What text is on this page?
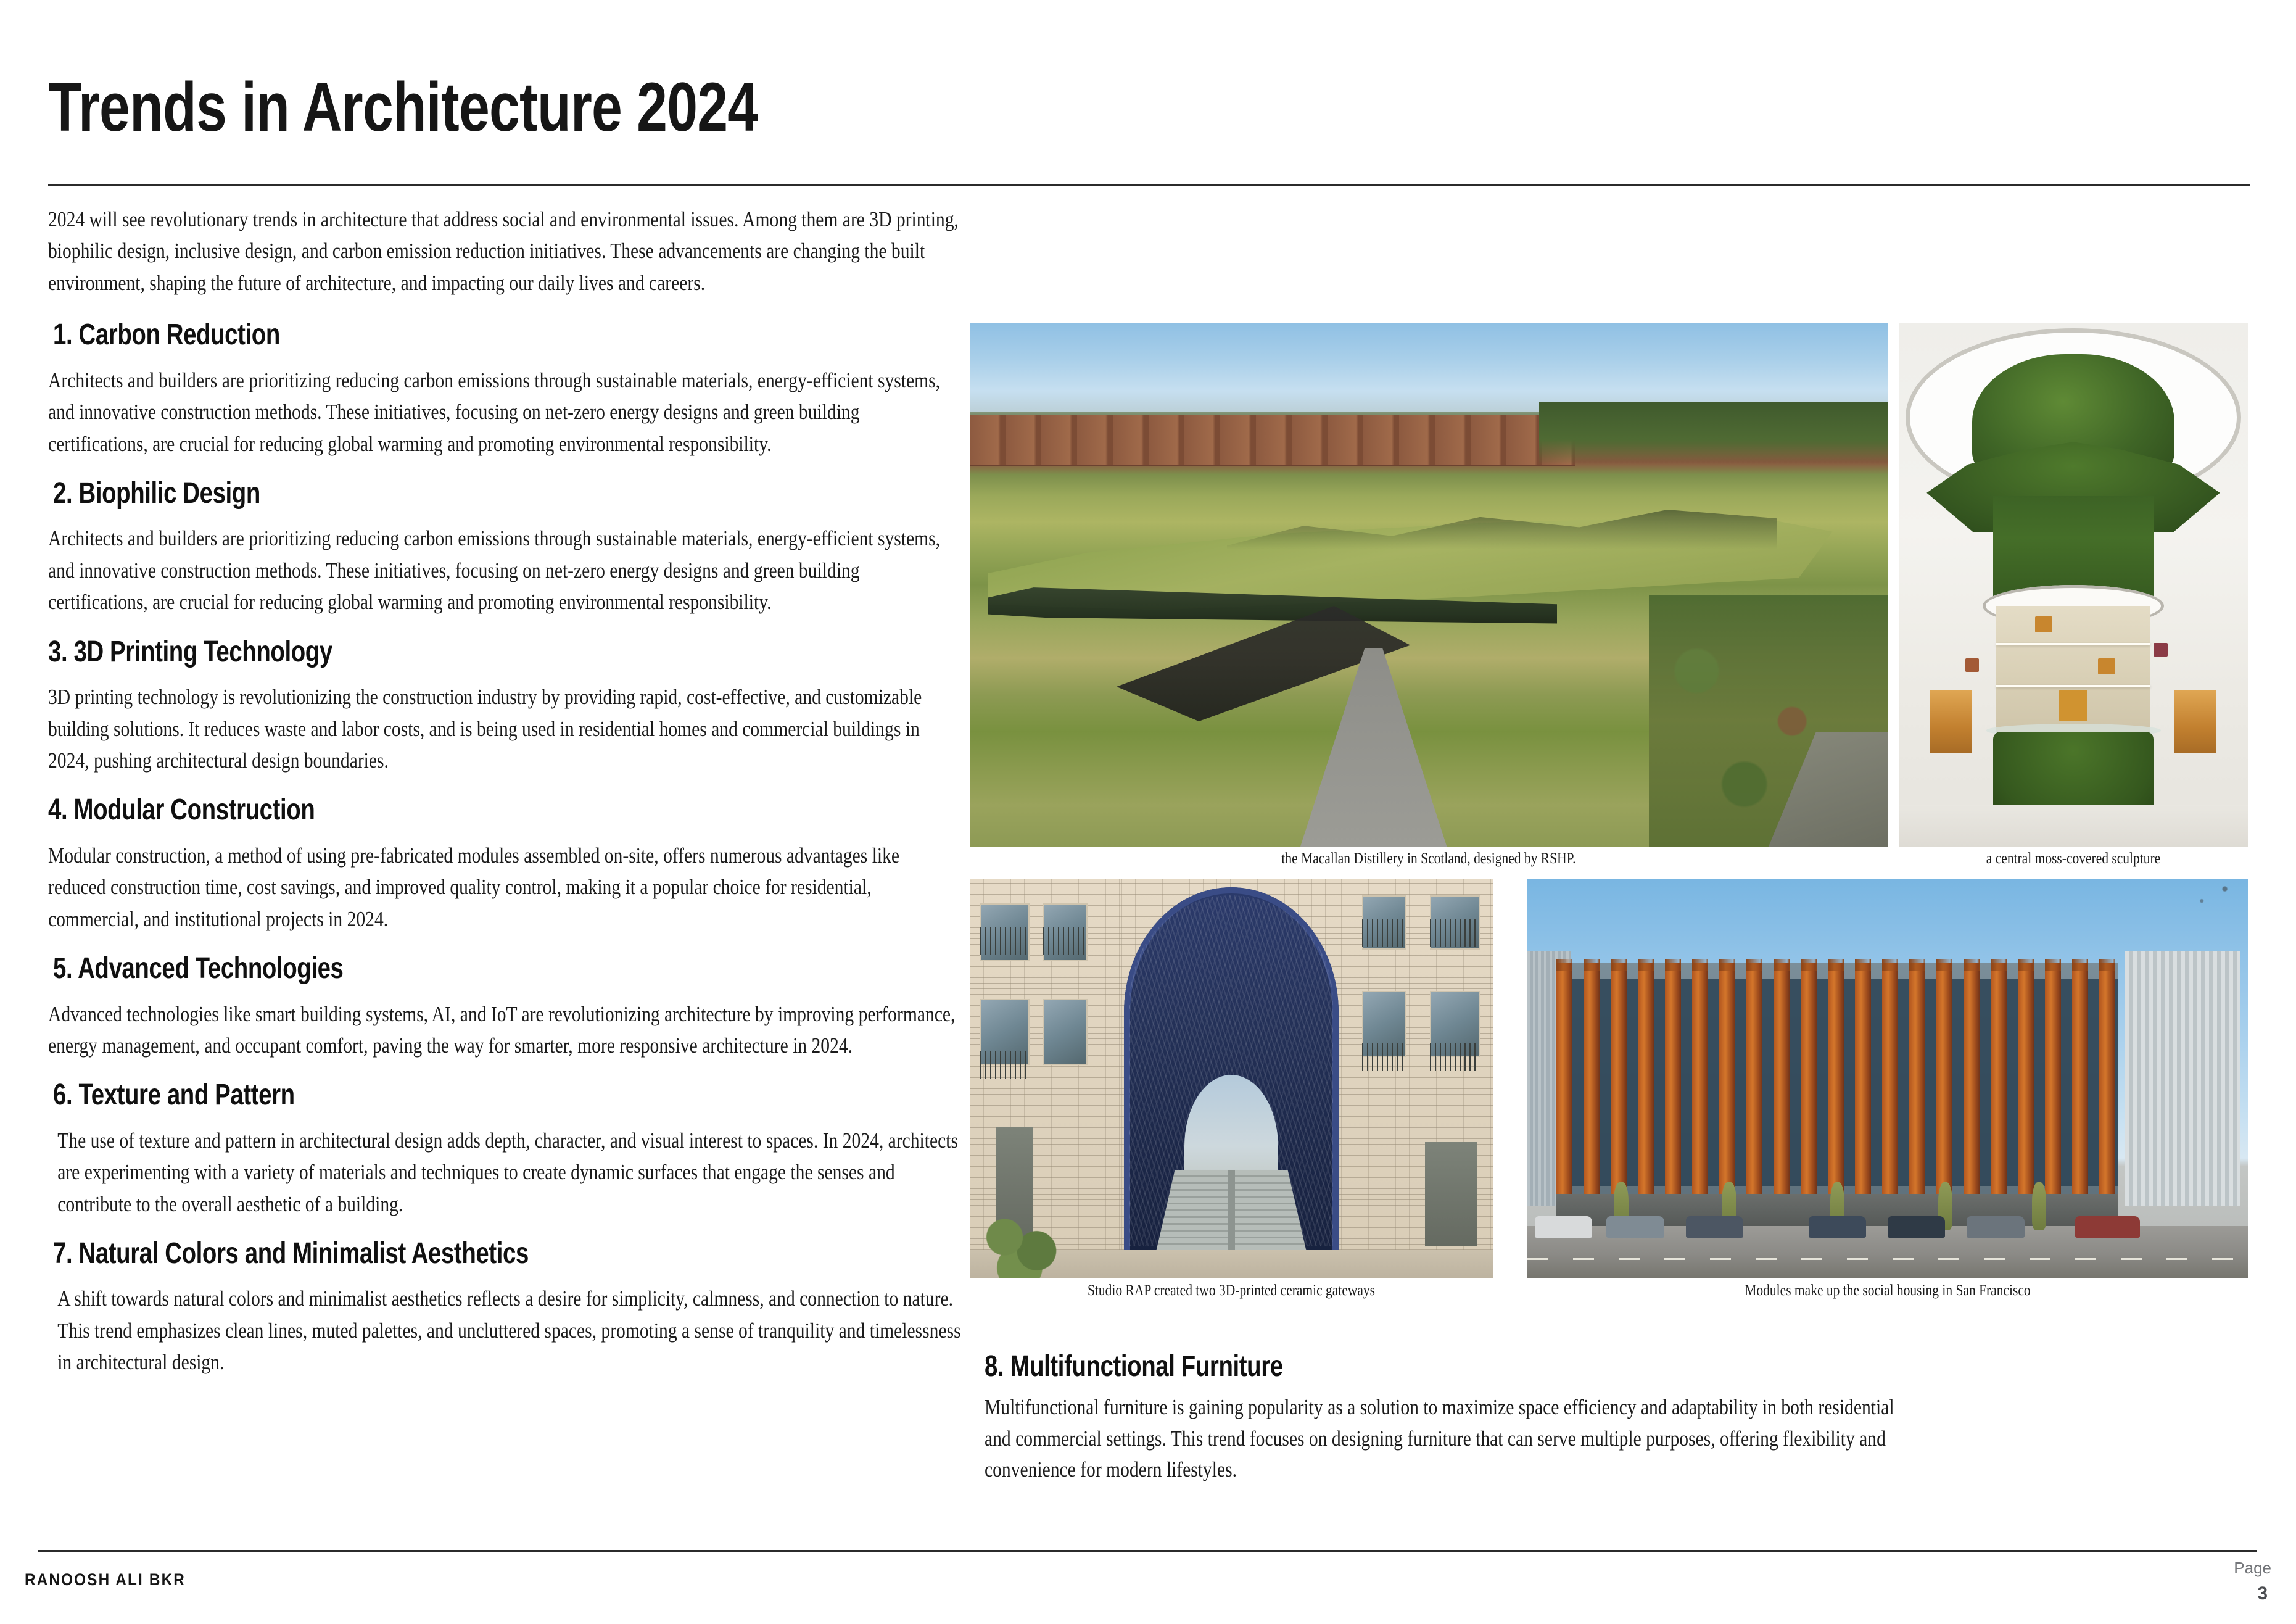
Trends in Architecture 2024

2024 will see revolutionary trends in architecture that address social and environmental issues. Among them are 3D printing, biophilic design, inclusive design, and carbon emission reduction initiatives. These advancements are changing the built environment, shaping the future of architecture, and impacting our daily lives and careers.

1. Carbon Reduction

Architects and builders are prioritizing reducing carbon emissions through sustainable materials, energy-efficient systems, and innovative construction methods. These initiatives, focusing on net-zero energy designs and green building certifications, are crucial for reducing global warming and promoting environmental responsibility.

2. Biophilic Design

Architects and builders are prioritizing reducing carbon emissions through sustainable materials, energy-efficient systems, and innovative construction methods. These initiatives, focusing on net-zero energy designs and green building certifications, are crucial for reducing global warming and promoting environmental responsibility.

3. 3D Printing Technology

3D printing technology is revolutionizing the construction industry by providing rapid, cost-effective, and customizable building solutions. It reduces waste and labor costs, and is being used in residential homes and commercial buildings in 2024, pushing architectural design boundaries.

4. Modular Construction

Modular construction, a method of using pre-fabricated modules assembled on-site, offers numerous advantages like reduced construction time, cost savings, and improved quality control, making it a popular choice for residential, commercial, and institutional projects in 2024.

5. Advanced Technologies

Advanced technologies like smart building systems, AI, and IoT are revolutionizing architecture by improving performance, energy management, and occupant comfort, paving the way for smarter, more responsive architecture in 2024.

6. Texture and Pattern

The use of texture and pattern in architectural design adds depth, character, and visual interest to spaces. In 2024, architects are experimenting with a variety of materials and techniques to create dynamic surfaces that engage the senses and contribute to the overall aesthetic of a building.

7. Natural Colors and Minimalist Aesthetics

A shift towards natural colors and minimalist aesthetics reflects a desire for simplicity, calmness, and connection to nature. This trend emphasizes clean lines, muted palettes, and uncluttered spaces, promoting a sense of tranquility and timelessness in architectural design.

the Macallan Distillery in Scotland, designed by RSHP.	a central moss-covered sculpture
Studio RAP created two 3D-printed ceramic gateways	Modules make up the social housing in San Francisco
8. Multifunctional Furniture

Multifunctional furniture is gaining popularity as a solution to maximize space efficiency and adaptability in both residential and commercial settings. This trend focuses on designing furniture that can serve multiple purposes, offering flexibility and convenience for modern lifestyles.

RANOOSH ALI BKR
Page
3
